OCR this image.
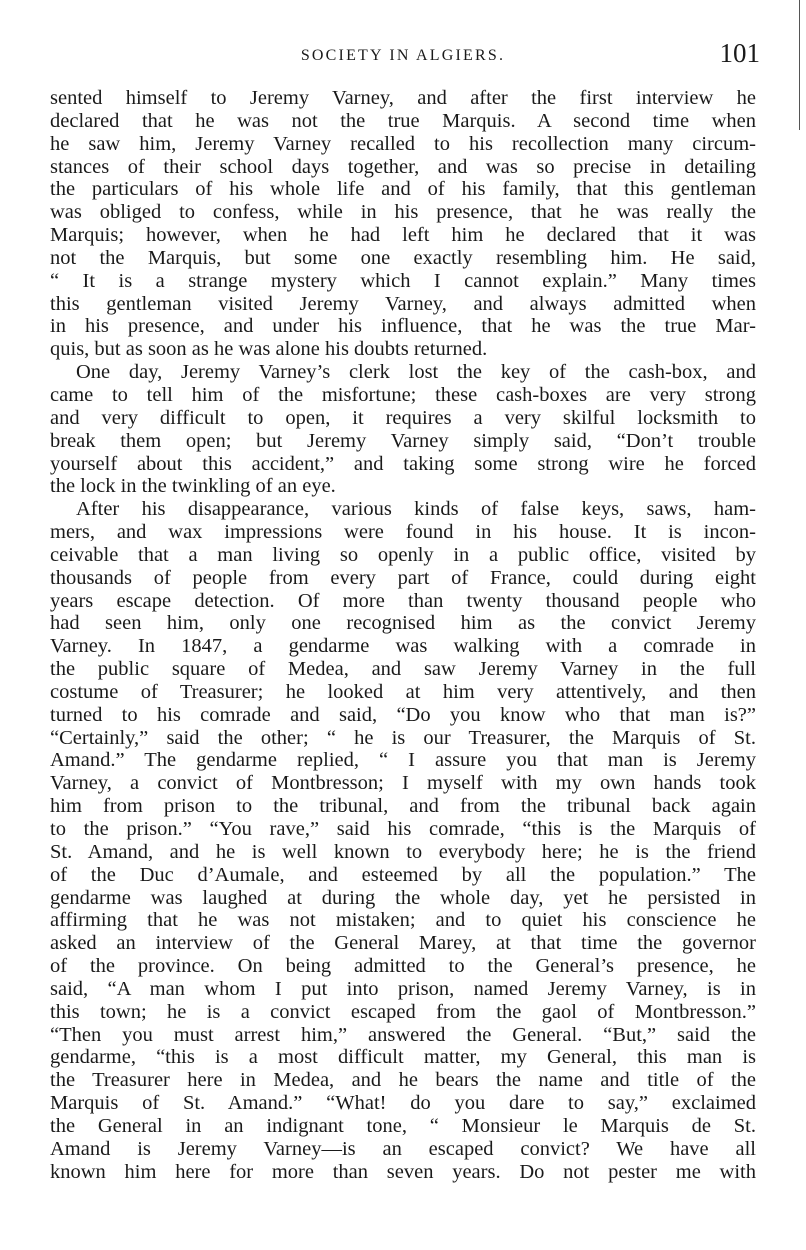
SOCIETY IN ALGIERS.	101
sented himself to Jeremy Varney, and after the first interview he
declared that he was not the true Marquis. A second time when
he saw him, Jeremy Varney recalled to his recollection many circum-
stances of their school days together, and was so precise in detailing
the particulars of his whole life and of his family, that this gentleman
was obliged to confess, while in his presence, that he was really the
Marquis; however, when he had left him he declared that it was
not the Marquis, but some one exactly resembling him. He said,
“ It is a strange mystery which I cannot explain.” Many times
this gentleman visited Jeremy Varney, and always admitted when
in his presence, and under his influence, that he was the true Mar-
quis, but as soon as he was alone his doubts returned.
One day, Jeremy Varney’s clerk lost the key of the cash-box, and
came to tell him of the misfortune; these cash-boxes are very strong
and very difficult to open, it requires a very skilful locksmith to
break them open; but Jeremy Varney simply said, “Don’t trouble
yourself about this accident,” and taking some strong wire he forced
the lock in the twinkling of an eye.
After his disappearance, various kinds of false keys, saws, ham-
mers, and wax impressions were found in his house. It is incon-
ceivable that a man living so openly in a public office, visited by
thousands of people from every part of France, could during eight
years escape detection. Of more than twenty thousand people who
had seen him, only one recognised him as the convict Jeremy
Varney. In 1847, a gendarme was walking with a comrade in
the public square of Medea, and saw Jeremy Varney in the full
costume of Treasurer; he looked at him very attentively, and then
turned to his comrade and said, “Do you know who that man is?”
“Certainly,” said the other; “ he is our Treasurer, the Marquis of St.
Amand.” The gendarme replied, “ I assure you that man is Jeremy
Varney, a convict of Montbresson; I myself with my own hands took
him from prison to the tribunal, and from the tribunal back again
to the prison.” “You rave,” said his comrade, “this is the Marquis of
St. Amand, and he is well known to everybody here; he is the friend
of the Duc d’Aumale, and esteemed by all the population.” The
gendarme was laughed at during the whole day, yet he persisted in
affirming that he was not mistaken; and to quiet his conscience he
asked an interview of the General Marey, at that time the governor
of the province. On being admitted to the General’s presence, he
said, “A man whom I put into prison, named Jeremy Varney, is in
this town; he is a convict escaped from the gaol of Montbresson.”
“Then you must arrest him,” answered the General. “But,” said the
gendarme, “this is a most difficult matter, my General, this man is
the Treasurer here in Medea, and he bears the name and title of the
Marquis of St. Amand.” “What! do you dare to say,” exclaimed
the General in an indignant tone, “ Monsieur le Marquis de St.
Amand is Jeremy Varney—is an escaped convict? We have all
known him here for more than seven years. Do not pester me with
